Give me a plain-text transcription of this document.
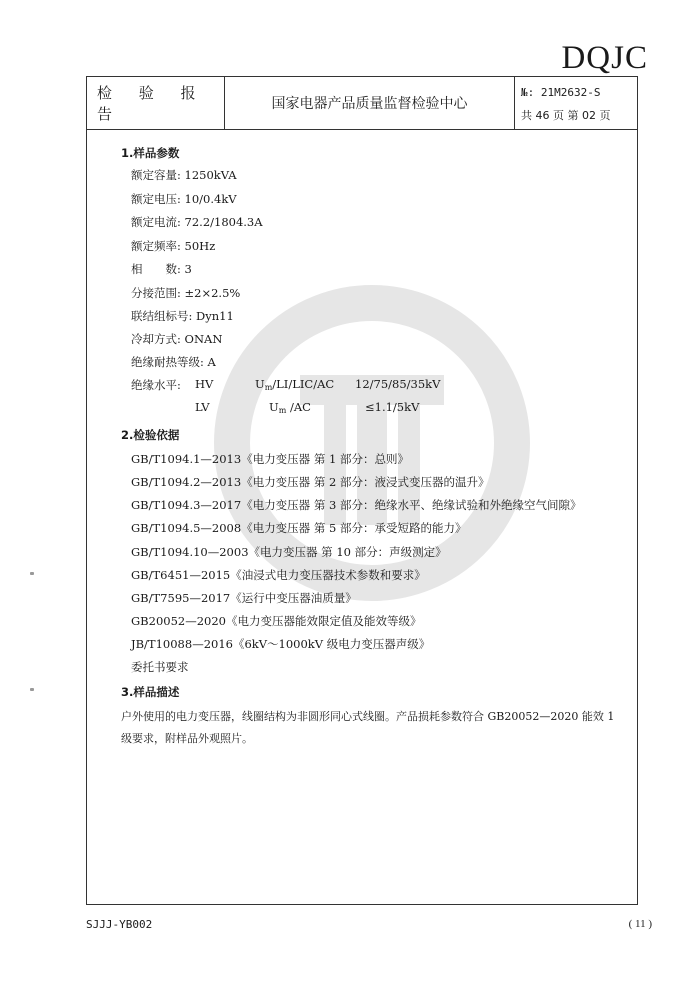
DQJC
检 验 报 告
国家电器产品质量监督检验中心
№: 21M2632-S
共 46 页 第 02 页
1.样品参数
额定容量: 1250kVA
额定电压: 10/0.4kV
额定电流: 72.2/1804.3A
额定频率: 50Hz
相　　数: 3
分接范围: ±2×2.5%
联结组标号: Dyn11
冷却方式: ONAN
绝缘耐热等级: A
绝缘水平: HV	$U_m/LI/LIC/AC$ 12/75/85/35kV
LV	$U_m$ /AC	≤1.1/5kV
2.检验依据
GB/T1094.1—2013《电力变压器 第 1 部分：总则》
GB/T1094.2—2013《电力变压器 第 2 部分：液浸式变压器的温升》
GB/T1094.3—2017《电力变压器 第 3 部分：绝缘水平、绝缘试验和外绝缘空气间隙》
GB/T1094.5—2008《电力变压器 第 5 部分：承受短路的能力》
GB/T1094.10—2003《电力变压器 第 10 部分：声级测定》
GB/T6451—2015《油浸式电力变压器技术参数和要求》
GB/T7595—2017《运行中变压器油质量》
GB20052—2020《电力变压器能效限定值及能效等级》
JB/T10088—2016《6kV～1000kV 级电力变压器声级》
委托书要求
3.样品描述
户外使用的电力变压器，线圈结构为非圆形同心式线圈。产品损耗参数符合 GB20052—2020 能效 1
级要求，附样品外观照片。
SJJJ-YB002	( 11 )
